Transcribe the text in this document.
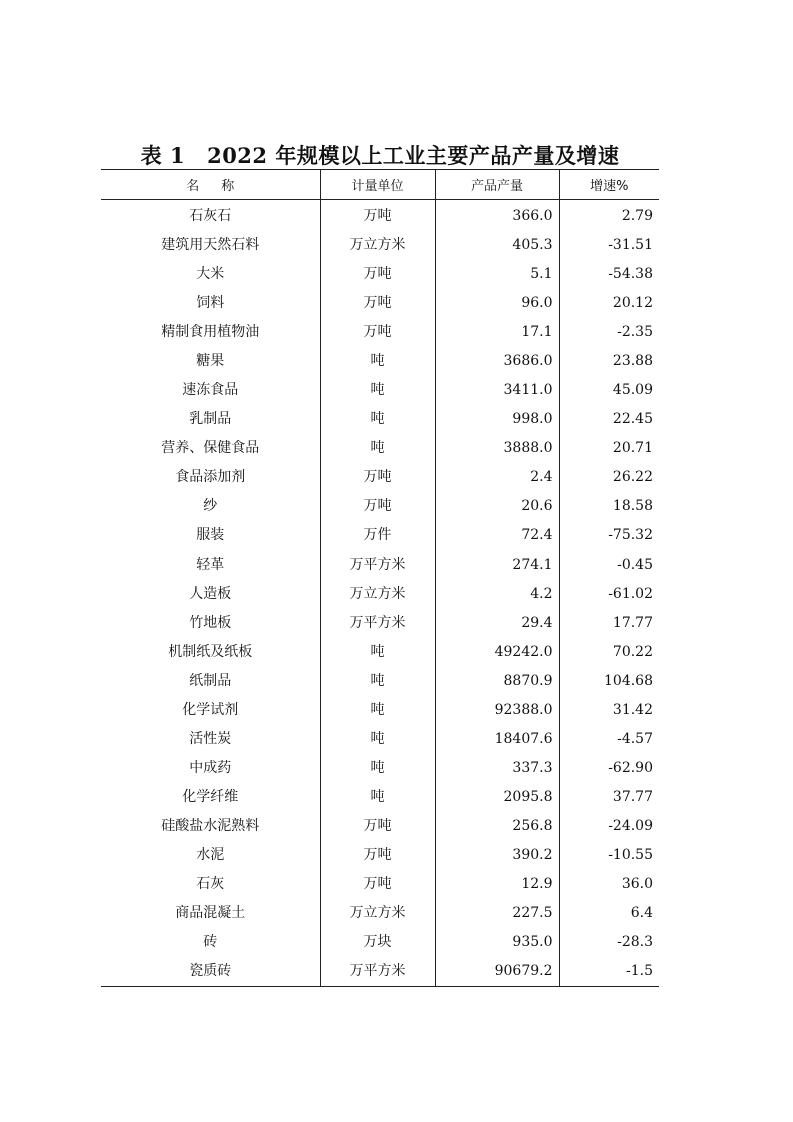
表 1 2022 年规模以上工业主要产品产量及增速
名 称	计量单位	产品产量	增速%
石灰石	万吨	366.0	2.79
建筑用天然石料	万立方米	405.3	-31.51
大米	万吨	5.1	-54.38
饲料	万吨	96.0	20.12
精制食用植物油	万吨	17.1	-2.35
糖果	吨	3686.0	23.88
速冻食品	吨	3411.0	45.09
乳制品	吨	998.0	22.45
营养、保健食品	吨	3888.0	20.71
食品添加剂	万吨	2.4	26.22
纱	万吨	20.6	18.58
服装	万件	72.4	-75.32
轻革	万平方米	274.1	-0.45
人造板	万立方米	4.2	-61.02
竹地板	万平方米	29.4	17.77
机制纸及纸板	吨	49242.0	70.22
纸制品	吨	8870.9	104.68
化学试剂	吨	92388.0	31.42
活性炭	吨	18407.6	-4.57
中成药	吨	337.3	-62.90
化学纤维	吨	2095.8	37.77
硅酸盐水泥熟料	万吨	256.8	-24.09
水泥	万吨	390.2	-10.55
石灰	万吨	12.9	36.0
商品混凝土	万立方米	227.5	6.4
砖	万块	935.0	-28.3
瓷质砖	万平方米	90679.2	-1.5
